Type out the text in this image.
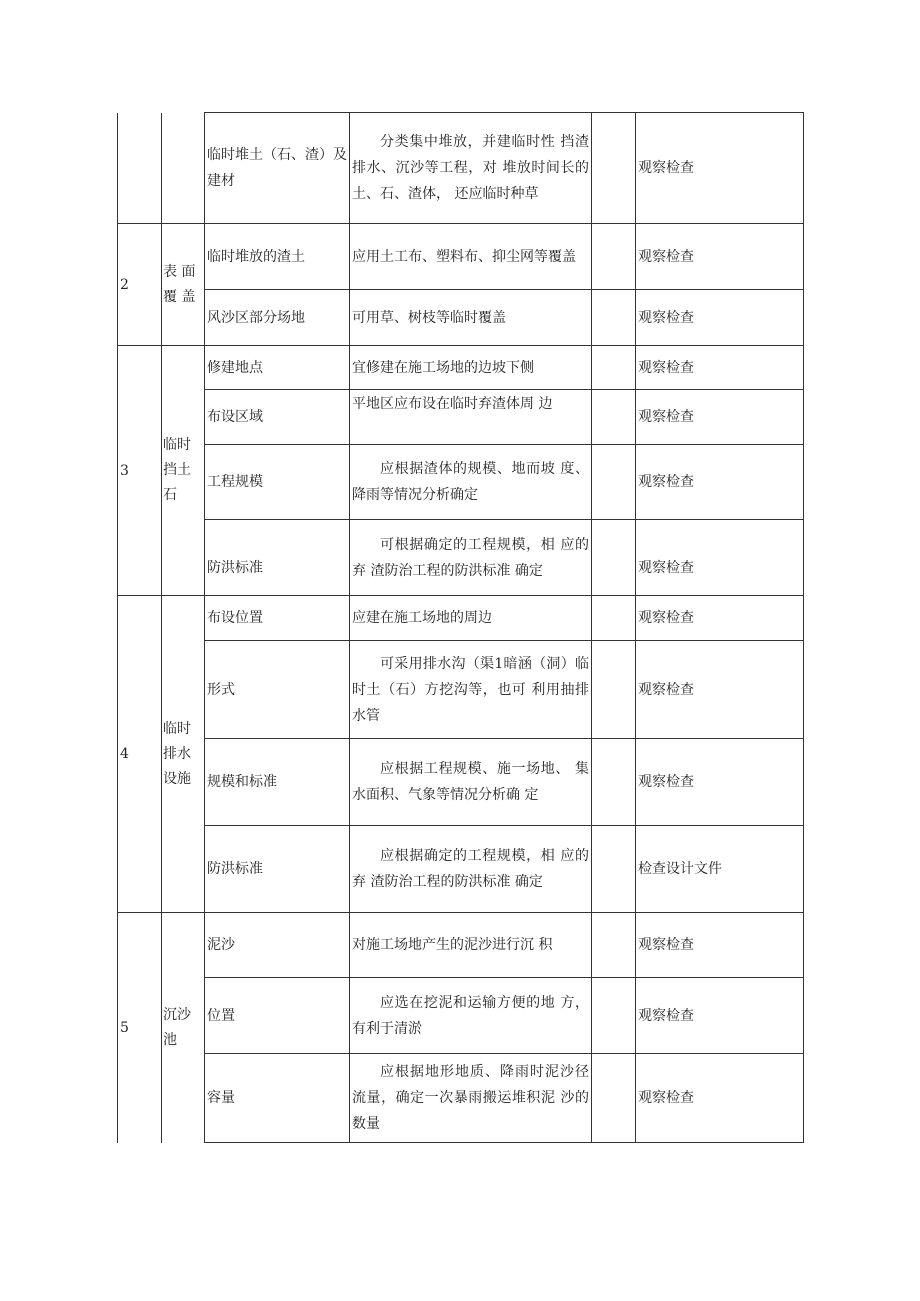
		临时堆土（石、渣）及建材	分类集中堆放，并建临时性 挡渣排水、沉沙等工程，对 堆放时间长的土、石、渣体， 还应临时种草		观察检查
2	表 面 覆 盖	临时堆放的渣土	应用土工布、塑料布、抑尘网等覆盖		观察检查
		风沙区部分场地	可用草、树枝等临时覆盖		观察检查
3	临时挡土石	修建地点	宜修建在施工场地的边坡下侧		观察检查
		布设区域	平地区应布设在临时弃渣体周 边		观察检查
		工程规模	应根据渣体的规模、地而坡 度、降雨等情况分析确定		观察检查
		防洪标准	可根据确定的工程规模，相 应的弃 渣防治工程的防洪标准 确定		观察检查
4	临时排水设施	布设位置	应建在施工场地的周边		观察检查
		形式	可采用排水沟（渠1暗涵（洞）临时土（石）方挖沟等，也可 利用抽排水管		观察检查
		规模和标准	应根据工程规模、施一场地、 集水面积、气象等情况分析确 定		观察检查
		防洪标准	应根据确定的工程规模，相 应的弃 渣防治工程的防洪标准 确定		检查设计文件
5	沉沙池	泥沙	对施工场地产生的泥沙进行沉 积		观察检查
		位置	应选在挖泥和运输方便的地 方，有利于清淤		观察检查
		容量	应根据地形地质、降雨时泥沙径流量，确定一次暴雨搬运堆积泥 沙的数量		观察检查
